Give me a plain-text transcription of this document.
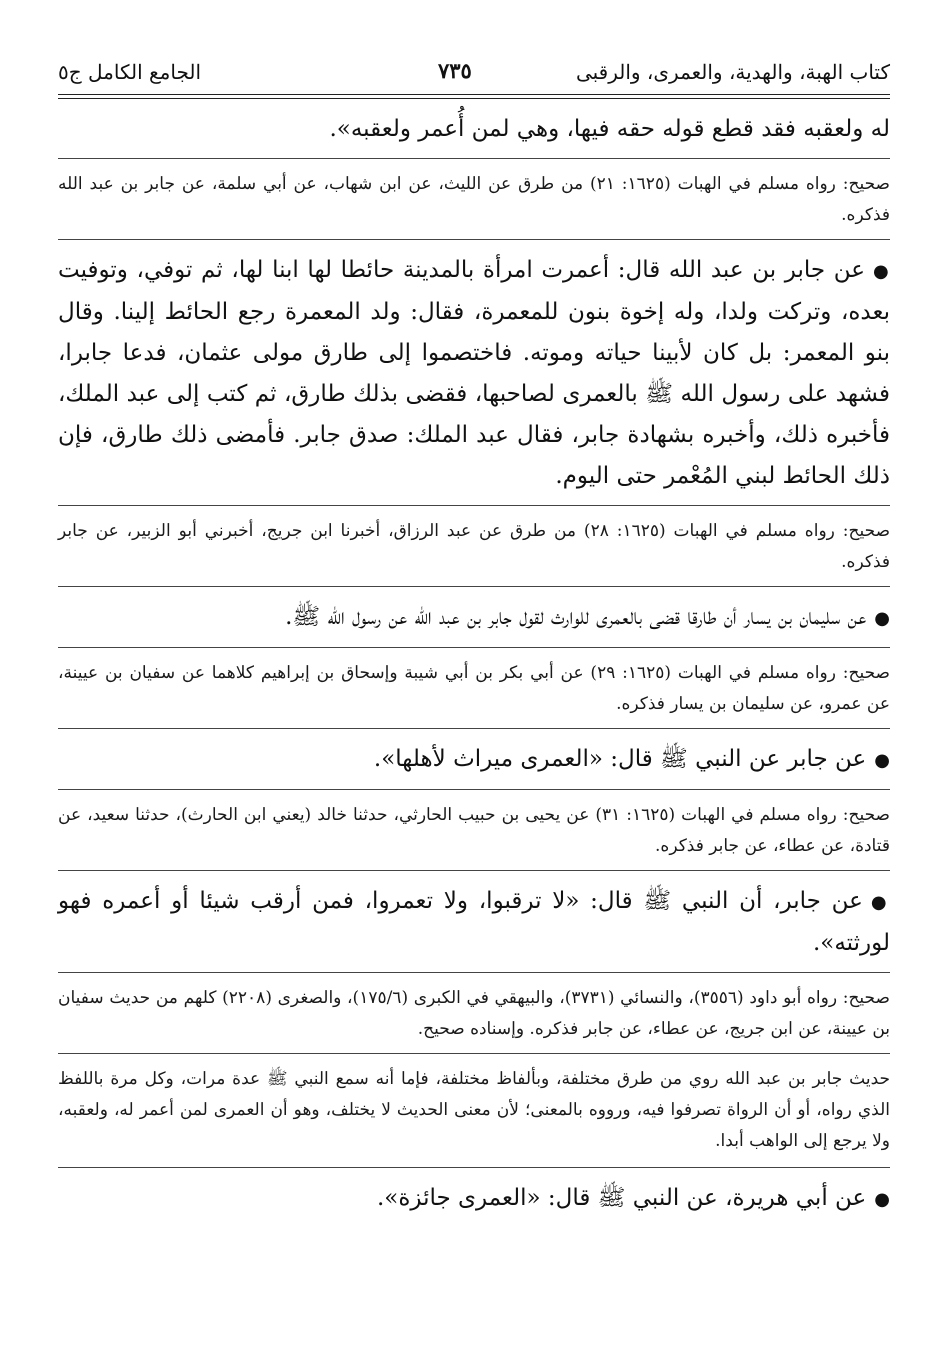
كتاب الهبة، والهدية، والعمرى، والرقبى
٧٣٥
الجامع الكامل ج٥

له ولعقبه فقد قطع قوله حقه فيها، وهي لمن أُعمر ولعقبه».

صحيح: رواه مسلم في الهبات (١٦٢٥: ٢١) من طرق عن الليث، عن ابن شهاب، عن أبي سلمة، عن جابر بن عبد الله فذكره.

●عن جابر بن عبد الله قال: أعمرت امرأة بالمدينة حائطا لها ابنا لها، ثم توفي، وتوفيت بعده، وتركت ولدا، وله إخوة بنون للمعمرة، فقال: ولد المعمرة رجع الحائط إلينا. وقال بنو المعمر: بل كان لأبينا حياته وموته. فاختصموا إلى طارق مولى عثمان، فدعا جابرا، فشهد على رسول الله ﷺ بالعمرى لصاحبها، فقضى بذلك طارق، ثم كتب إلى عبد الملك، فأخبره ذلك، وأخبره بشهادة جابر، فقال عبد الملك: صدق جابر. فأمضى ذلك طارق، فإن ذلك الحائط لبني المُعْمر حتى اليوم.

صحيح: رواه مسلم في الهبات (١٦٢٥: ٢٨) من طرق عن عبد الرزاق، أخبرنا ابن جريج، أخبرني أبو الزبير، عن جابر فذكره.

●عن سليمان بن يسار أن طارقا قضى بالعمرى للوارث لقول جابر بن عبد الله عن رسول الله ﷺ.

صحيح: رواه مسلم في الهبات (١٦٢٥: ٢٩) عن أبي بكر بن أبي شيبة وإسحاق بن إبراهيم كلاهما عن سفيان بن عيينة، عن عمرو، عن سليمان بن يسار فذكره.

●عن جابر عن النبي ﷺ قال: «العمرى ميراث لأهلها».

صحيح: رواه مسلم في الهبات (١٦٢٥: ٣١) عن يحيى بن حبيب الحارثي، حدثنا خالد (يعني ابن الحارث)، حدثنا سعيد، عن قتادة، عن عطاء، عن جابر فذكره.

●عن جابر، أن النبي ﷺ قال: «لا ترقبوا، ولا تعمروا، فمن أرقب شيئا أو أعمره فهو لورثته».

صحيح: رواه أبو داود (٣٥٥٦)، والنسائي (٣٧٣١)، والبيهقي في الكبرى (١٧٥/٦)، والصغرى (٢٢٠٨) كلهم من حديث سفيان بن عيينة، عن ابن جريج، عن عطاء، عن جابر فذكره. وإسناده صحيح.

حديث جابر بن عبد الله روي من طرق مختلفة، وبألفاظ مختلفة، فإما أنه سمع النبي ﷺ عدة مرات، وكل مرة باللفظ الذي رواه، أو أن الرواة تصرفوا فيه، ورووه بالمعنى؛ لأن معنى الحديث لا يختلف، وهو أن العمرى لمن أعمر له، ولعقبه، ولا يرجع إلى الواهب أبدا.

●عن أبي هريرة، عن النبي ﷺ قال: «العمرى جائزة».
